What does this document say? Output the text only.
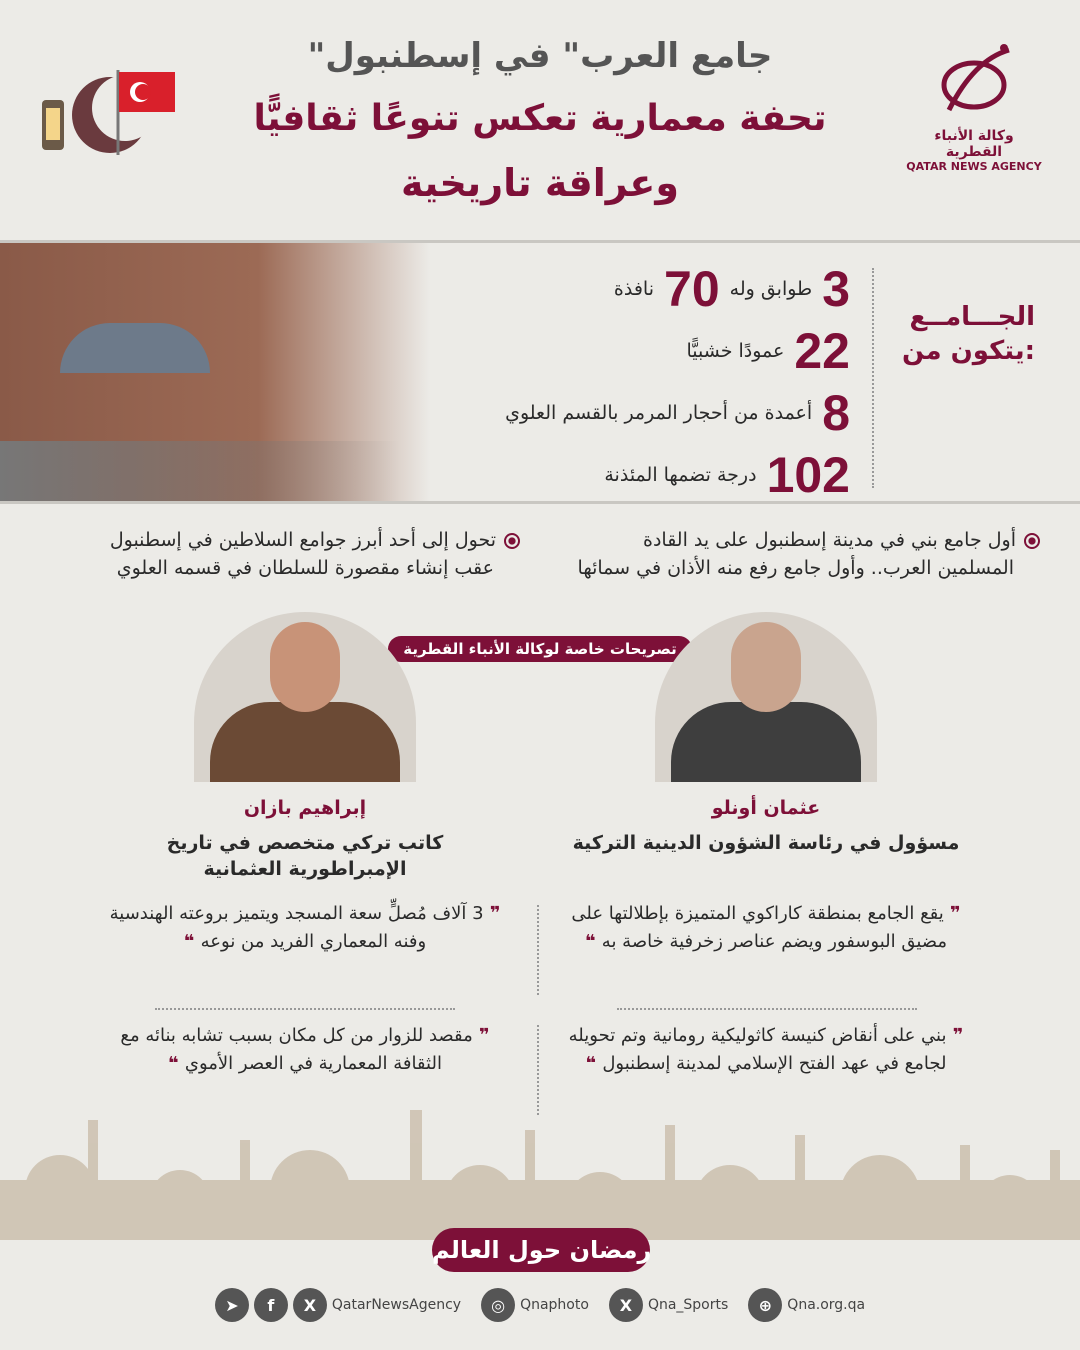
"جامع العرب" في إسطنبول
تحفة معمارية تعكس تنوعًا ثقافيًّا
وعراقة تاريخية
وكالة الأنباء القطرية
QATAR NEWS AGENCY
3
طوابق وله
70
نافذة
22
عمودًا خشبيًّا
8
أعمدة من أحجار المرمر بالقسم العلوي
102
درجة تضمها المئذنة
الجـــامــع
يتكون من:
أول جامع بني في مدينة إسطنبول على يد القادة
المسلمين العرب.. وأول جامع رفع منه الأذان في سمائها
تحول إلى أحد أبرز جوامع السلاطين في إسطنبول
عقب إنشاء مقصورة للسلطان في قسمه العلوي
تصريحات خاصة لوكالة الأنباء القطرية
عثمان أونلو
إبراهيم بازان
مسؤول في رئاسة الشؤون الدينية التركية
كاتب تركي متخصص في تاريخ الإمبراطورية العثمانية
❞ يقع الجامع بمنطقة كاراكوي المتميزة بإطلالتها على مضيق البوسفور ويضم عناصر زخرفية خاصة به ❝
❞ 3 آلاف مُصلٍّ سعة المسجد ويتميز بروعته الهندسية وفنه المعماري الفريد من نوعه ❝
❞ بني على أنقاض كنيسة كاثوليكية رومانية وتم تحويله لجامع في عهد الفتح الإسلامي لمدينة إسطنبول ❝
❞ مقصد للزوار من كل مكان بسبب تشابه بنائه مع الثقافة المعمارية في العصر الأموي ❝
رمضان حول العالم
➤	f	X	QatarNewsAgency	◎	Qnaphoto	X	Qna_Sports	⊕	Qna.org.qa
